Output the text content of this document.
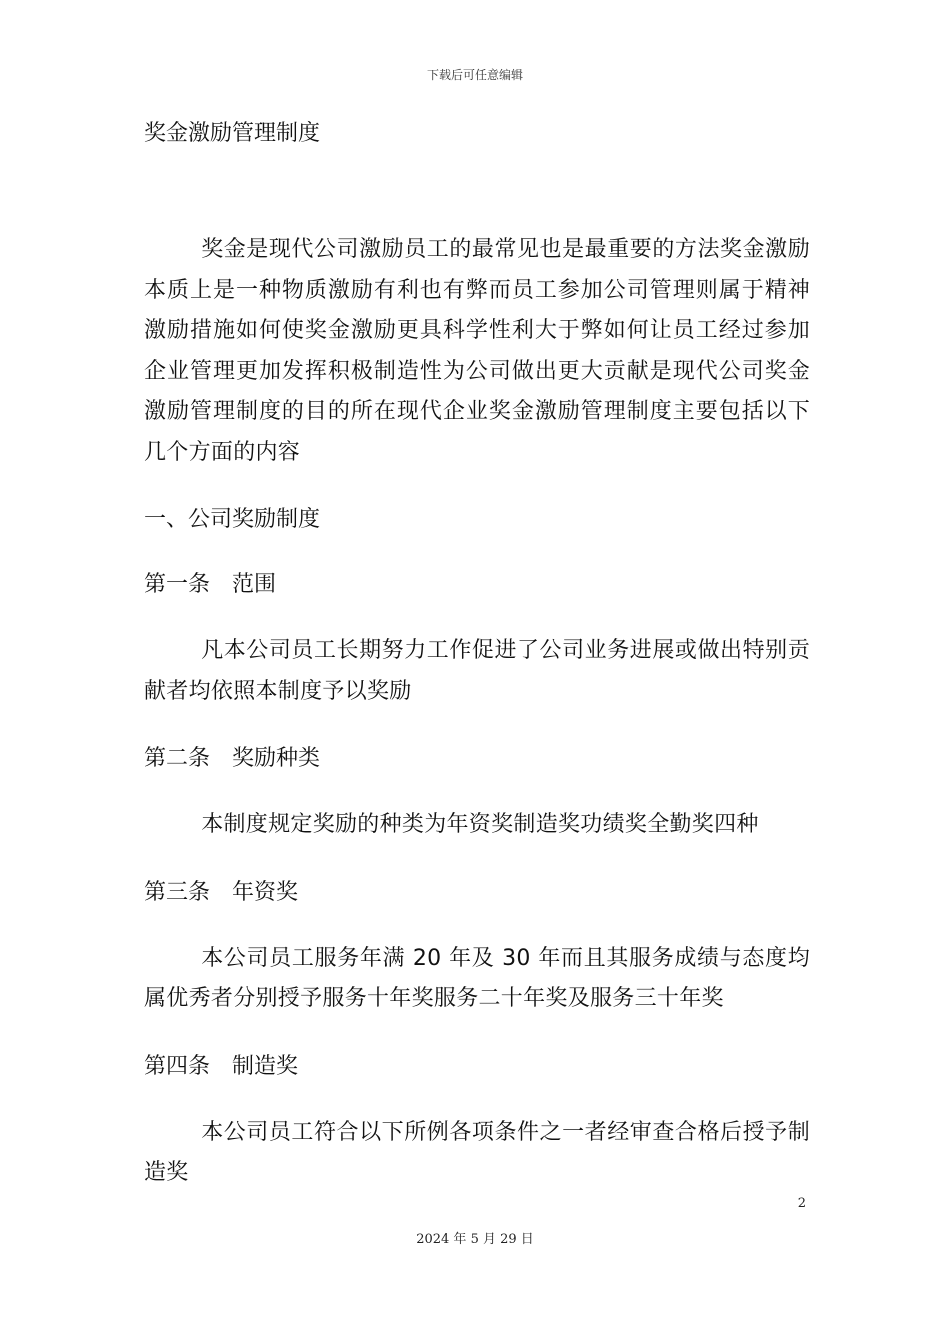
下载后可任意编辑
奖金激励管理制度

奖金是现代公司激励员工的最常见也是最重要的方法奖金激励本质上是一种物质激励有利也有弊而员工参加公司管理则属于精神激励措施如何使奖金激励更具科学性利大于弊如何让员工经过参加企业管理更加发挥积极制造性为公司做出更大贡献是现代公司奖金激励管理制度的目的所在现代企业奖金激励管理制度主要包括以下几个方面的内容

一、公司奖励制度

第一条 范围

凡本公司员工长期努力工作促进了公司业务进展或做出特别贡献者均依照本制度予以奖励

第二条 奖励种类

本制度规定奖励的种类为年资奖制造奖功绩奖全勤奖四种

第三条 年资奖

本公司员工服务年满 20 年及 30 年而且其服务成绩与态度均属优秀者分别授予服务十年奖服务二十年奖及服务三十年奖

第四条 制造奖

本公司员工符合以下所例各项条件之一者经审查合格后授予制造奖

2
2024 年 5 月 29 日
